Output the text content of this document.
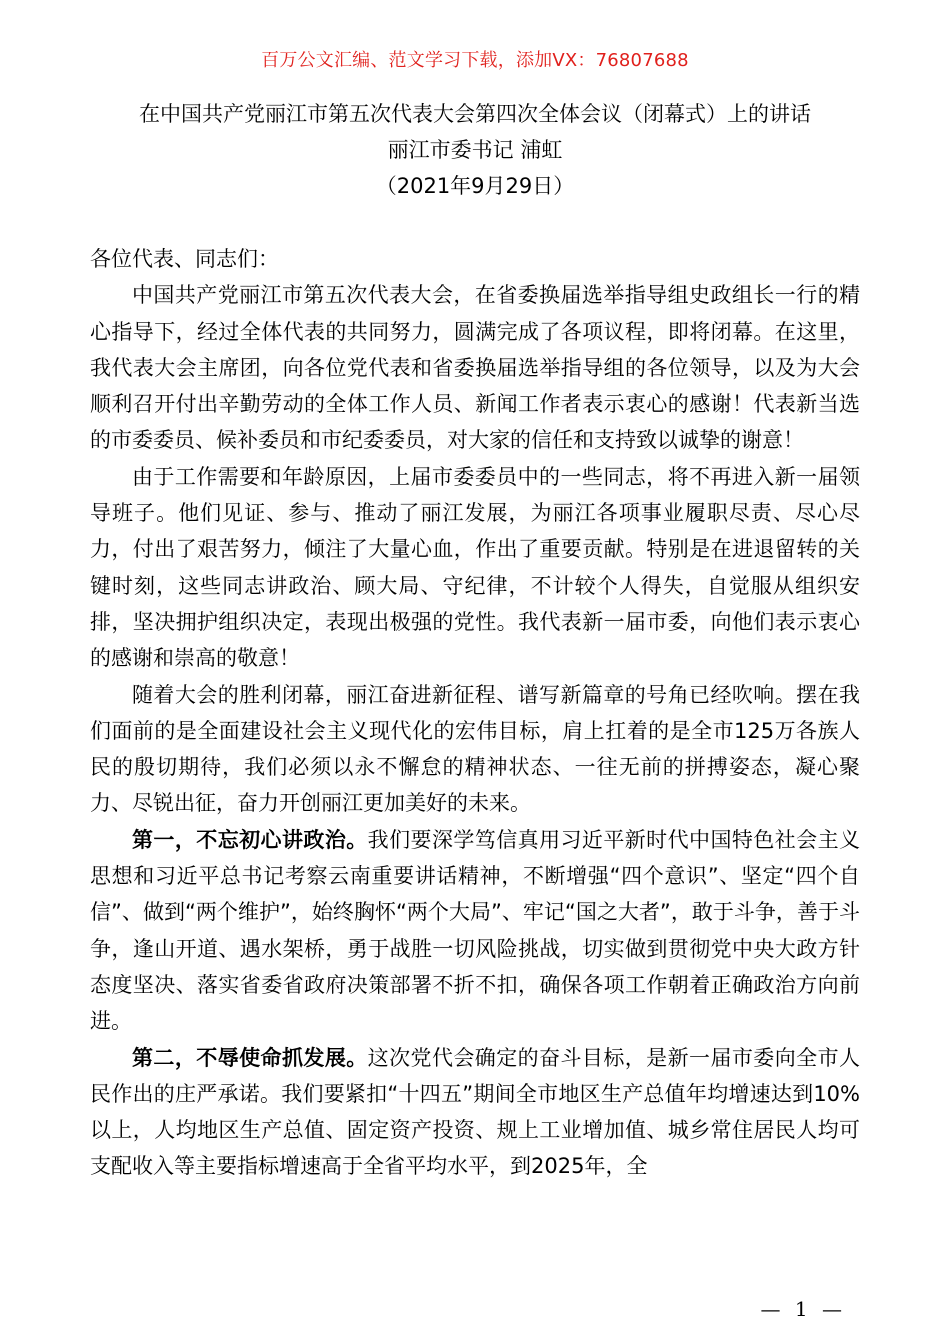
百万公文汇编、范文学习下载，添加VX：76807688
在中国共产党丽江市第五次代表大会第四次全体会议（闭幕式）上的讲话
丽江市委书记 浦虹
（2021年9月29日）

各位代表、同志们：

中国共产党丽江市第五次代表大会，在省委换届选举指导组史政组长一行的精心指导下，经过全体代表的共同努力，圆满完成了各项议程，即将闭幕。在这里，我代表大会主席团，向各位党代表和省委换届选举指导组的各位领导，以及为大会顺利召开付出辛勤劳动的全体工作人员、新闻工作者表示衷心的感谢！代表新当选的市委委员、候补委员和市纪委委员，对大家的信任和支持致以诚挚的谢意！

由于工作需要和年龄原因，上届市委委员中的一些同志，将不再进入新一届领导班子。他们见证、参与、推动了丽江发展，为丽江各项事业履职尽责、尽心尽力，付出了艰苦努力，倾注了大量心血，作出了重要贡献。特别是在进退留转的关键时刻，这些同志讲政治、顾大局、守纪律，不计较个人得失，自觉服从组织安排，坚决拥护组织决定，表现出极强的党性。我代表新一届市委，向他们表示衷心的感谢和崇高的敬意！

随着大会的胜利闭幕，丽江奋进新征程、谱写新篇章的号角已经吹响。摆在我们面前的是全面建设社会主义现代化的宏伟目标，肩上扛着的是全市125万各族人民的殷切期待，我们必须以永不懈怠的精神状态、一往无前的拼搏姿态，凝心聚力、尽锐出征，奋力开创丽江更加美好的未来。

第一，不忘初心讲政治。我们要深学笃信真用习近平新时代中国特色社会主义思想和习近平总书记考察云南重要讲话精神，不断增强“四个意识”、坚定“四个自信”、做到“两个维护”，始终胸怀“两个大局”、牢记“国之大者”，敢于斗争，善于斗争，逢山开道、遇水架桥，勇于战胜一切风险挑战，切实做到贯彻党中央大政方针态度坚决、落实省委省政府决策部署不折不扣，确保各项工作朝着正确政治方向前进。

第二，不辱使命抓发展。这次党代会确定的奋斗目标，是新一届市委向全市人民作出的庄严承诺。我们要紧扣“十四五”期间全市地区生产总值年均增速达到10%以上，人均地区生产总值、固定资产投资、规上工业增加值、城乡常住居民人均可支配收入等主要指标增速高于全省平均水平，到2025年，全

— 1 —
